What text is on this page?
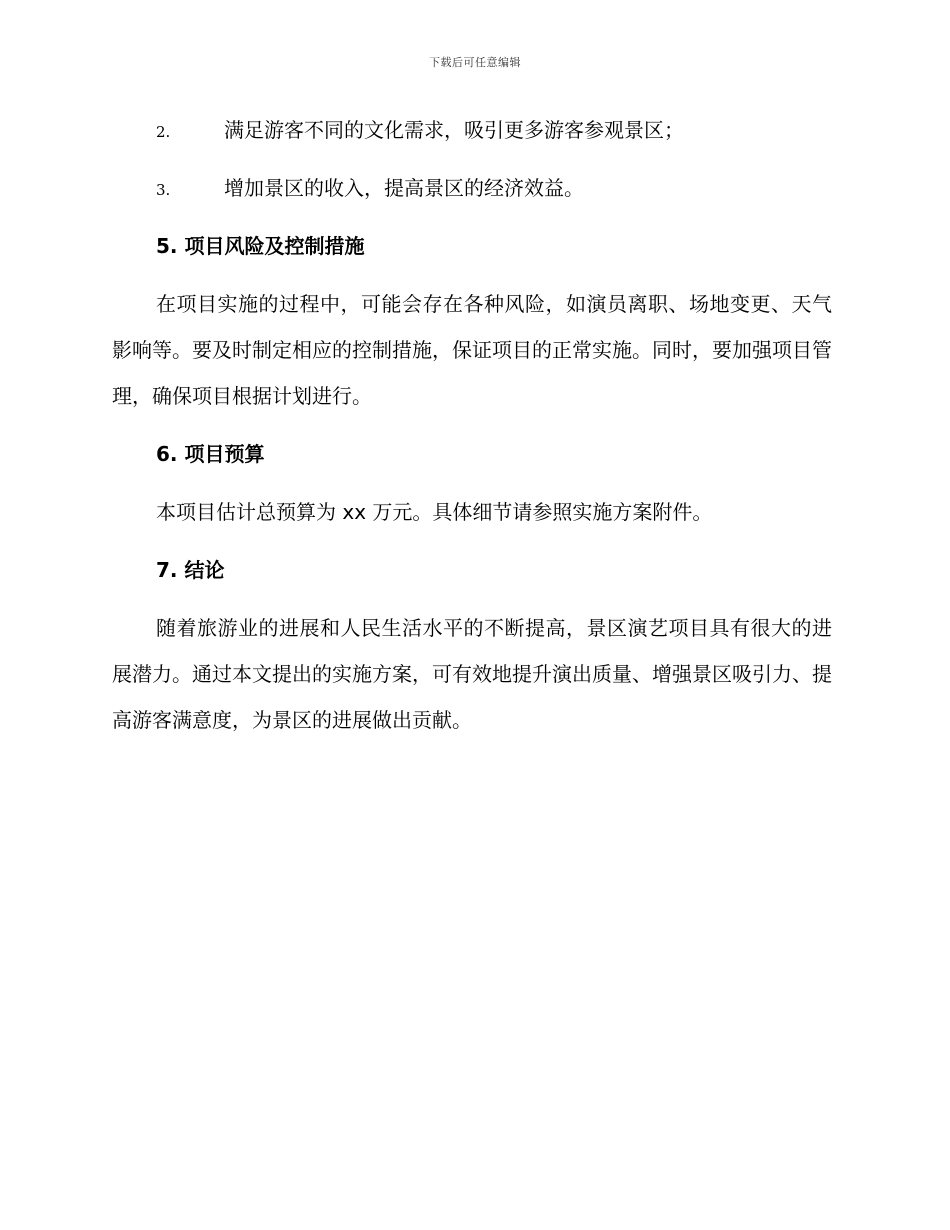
下载后可任意编辑
2.	满足游客不同的文化需求，吸引更多游客参观景区；
3.	增加景区的收入，提高景区的经济效益。
5. 项目风险及控制措施

在项目实施的过程中，可能会存在各种风险，如演员离职、场地变更、天气影响等。要及时制定相应的控制措施，保证项目的正常实施。同时，要加强项目管理，确保项目根据计划进行。

6. 项目预算

本项目估计总预算为 xx 万元。具体细节请参照实施方案附件。

7. 结论

随着旅游业的进展和人民生活水平的不断提高，景区演艺项目具有很大的进展潜力。通过本文提出的实施方案，可有效地提升演出质量、增强景区吸引力、提高游客满意度，为景区的进展做出贡献。
